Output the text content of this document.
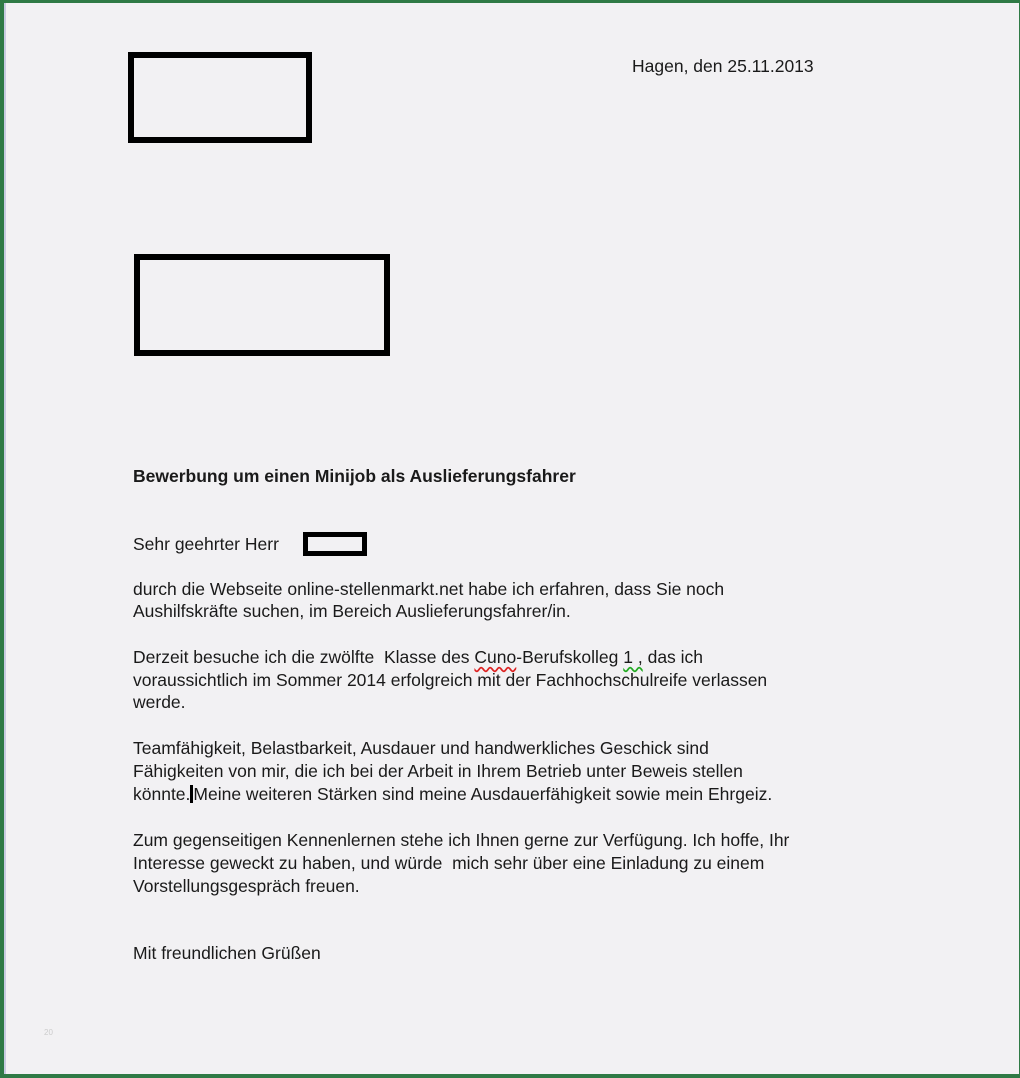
Hagen, den 25.11.2013
Bewerbung um einen Minijob als Auslieferungsfahrer
Sehr geehrter Herr
durch die Webseite online-stellenmarkt.net habe ich erfahren, dass Sie noch
Aushilfskräfte suchen, im Bereich Auslieferungsfahrer/in.
Derzeit besuche ich die zwölfte  Klasse des Cuno-Berufskolleg 1 , das ich
voraussichtlich im Sommer 2014 erfolgreich mit der Fachhochschulreife verlassen
werde.
Teamfähigkeit, Belastbarkeit, Ausdauer und handwerkliches Geschick sind
Fähigkeiten von mir, die ich bei der Arbeit in Ihrem Betrieb unter Beweis stellen
könnte. Meine weiteren Stärken sind meine Ausdauerfähigkeit sowie mein Ehrgeiz.
Zum gegenseitigen Kennenlernen stehe ich Ihnen gerne zur Verfügung. Ich hoffe, Ihr
Interesse geweckt zu haben, und würde  mich sehr über eine Einladung zu einem
Vorstellungsgespräch freuen.
Mit freundlichen Grüßen
20
